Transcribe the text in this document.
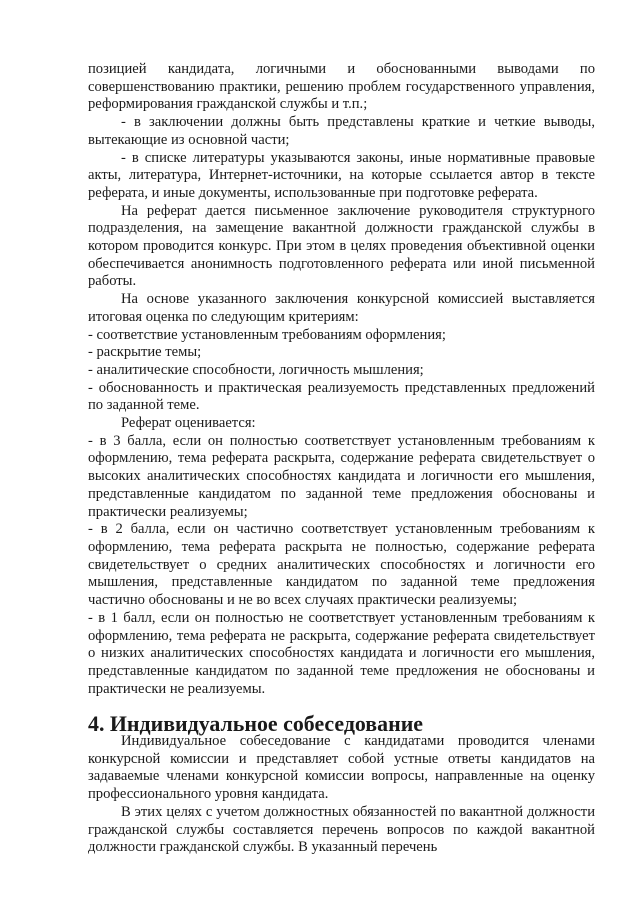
позицией кандидата, логичными и обоснованными выводами по совершенствованию практики, решению проблем государственного управления, реформирования гражданской службы и т.п.;

- в заключении должны быть представлены краткие и четкие выводы, вытекающие из основной части;

- в списке литературы указываются законы, иные нормативные правовые акты, литература, Интернет-источники, на которые ссылается автор в тексте реферата, и иные документы, использованные при подготовке реферата.

На реферат дается письменное заключение руководителя структурного подразделения, на замещение вакантной должности гражданской службы в котором проводится конкурс. При этом в целях проведения объективной оценки обеспечивается анонимность подготовленного реферата или иной письменной работы.

На основе указанного заключения конкурсной комиссией выставляется итоговая оценка по следующим критериям:

- соответствие установленным требованиям оформления;

- раскрытие темы;

- аналитические способности, логичность мышления;

- обоснованность и практическая реализуемость представленных предложений по заданной теме.

Реферат оценивается:

- в 3 балла, если он полностью соответствует установленным требованиям к оформлению, тема реферата раскрыта, содержание реферата свидетельствует о высоких аналитических способностях кандидата и логичности его мышления, представленные кандидатом по заданной теме предложения обоснованы и практически реализуемы;

- в 2 балла, если он частично соответствует установленным требованиям к оформлению, тема реферата раскрыта не полностью, содержание реферата свидетельствует о средних аналитических способностях и логичности его мышления, представленные кандидатом по заданной теме предложения частично обоснованы и не во всех случаях практически реализуемы;

- в 1 балл, если он полностью не соответствует установленным требованиям к оформлению, тема реферата не раскрыта, содержание реферата свидетельствует о низких аналитических способностях кандидата и логичности его мышления, представленные кандидатом по заданной теме предложения не обоснованы и практически не реализуемы.

4. Индивидуальное собеседование

Индивидуальное собеседование с кандидатами проводится членами конкурсной комиссии и представляет собой устные ответы кандидатов на задаваемые членами конкурсной комиссии вопросы, направленные на оценку профессионального уровня кандидата.

В этих целях с учетом должностных обязанностей по вакантной должности гражданской службы составляется перечень вопросов по каждой вакантной должности гражданской службы. В указанный перечень
